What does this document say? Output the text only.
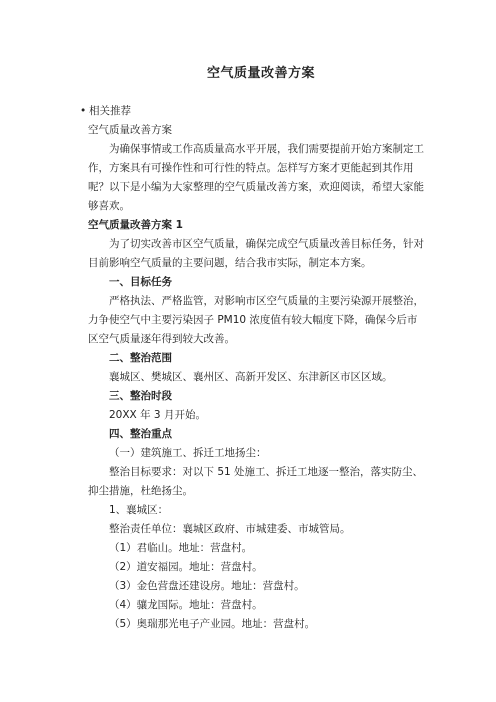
空气质量改善方案
• 相关推荐

空气质量改善方案

为确保事情或工作高质量高水平开展，我们需要提前开始方案制定工作，方案具有可操作性和可行性的特点。怎样写方案才更能起到其作用呢？以下是小编为大家整理的空气质量改善方案，欢迎阅读，希望大家能够喜欢。

空气质量改善方案 1

为了切实改善市区空气质量，确保完成空气质量改善目标任务，针对目前影响空气质量的主要问题，结合我市实际，制定本方案。

一、目标任务

严格执法、严格监管，对影响市区空气质量的主要污染源开展整治，力争使空气中主要污染因子 PM10 浓度值有较大幅度下降，确保今后市区空气质量逐年得到较大改善。

二、整治范围

襄城区、樊城区、襄州区、高新开发区、东津新区市区区域。

三、整治时段

20XX 年 3 月开始。

四、整治重点

（一）建筑施工、拆迁工地扬尘：

整治目标要求：对以下 51 处施工、拆迁工地逐一整治，落实防尘、抑尘措施，杜绝扬尘。

1、襄城区：

整治责任单位：襄城区政府、市城建委、市城管局。

（1）君临山。地址：营盘村。

（2）道安福园。地址：营盘村。

（3）金色营盘还建设房。地址：营盘村。

（4）骧龙国际。地址：营盘村。

（5）奥瑞那光电子产业园。地址：营盘村。
